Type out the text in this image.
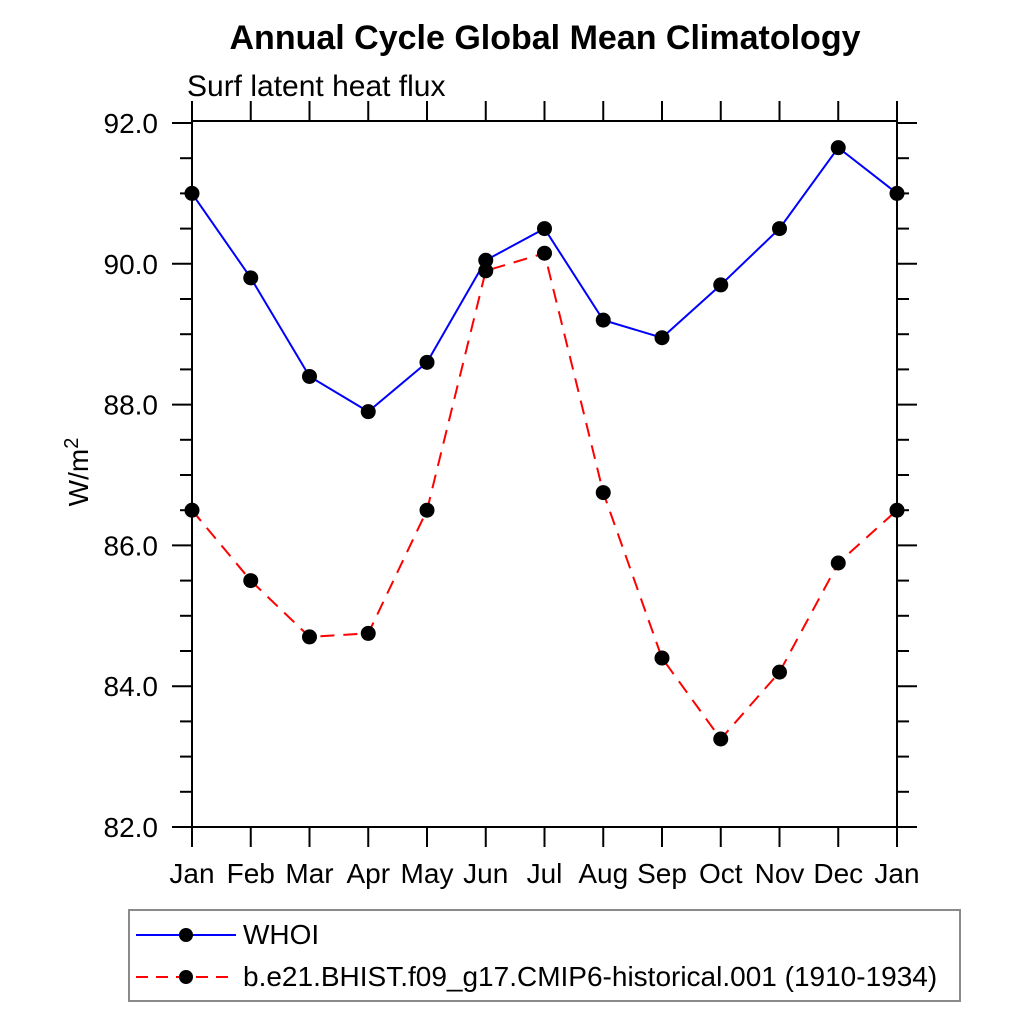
Annual Cycle Global Mean Climatology
Surf latent heat flux
$W/m^2$
82.0
84.0
86.0
88.0
90.0
92.0
Jan Feb Mar Apr May Jun Jul Aug Sep Oct Nov Dec Jan
WHOI
b.e21.BHIST.f09_g17.CMIP6-historical.001 (1910-1934)
